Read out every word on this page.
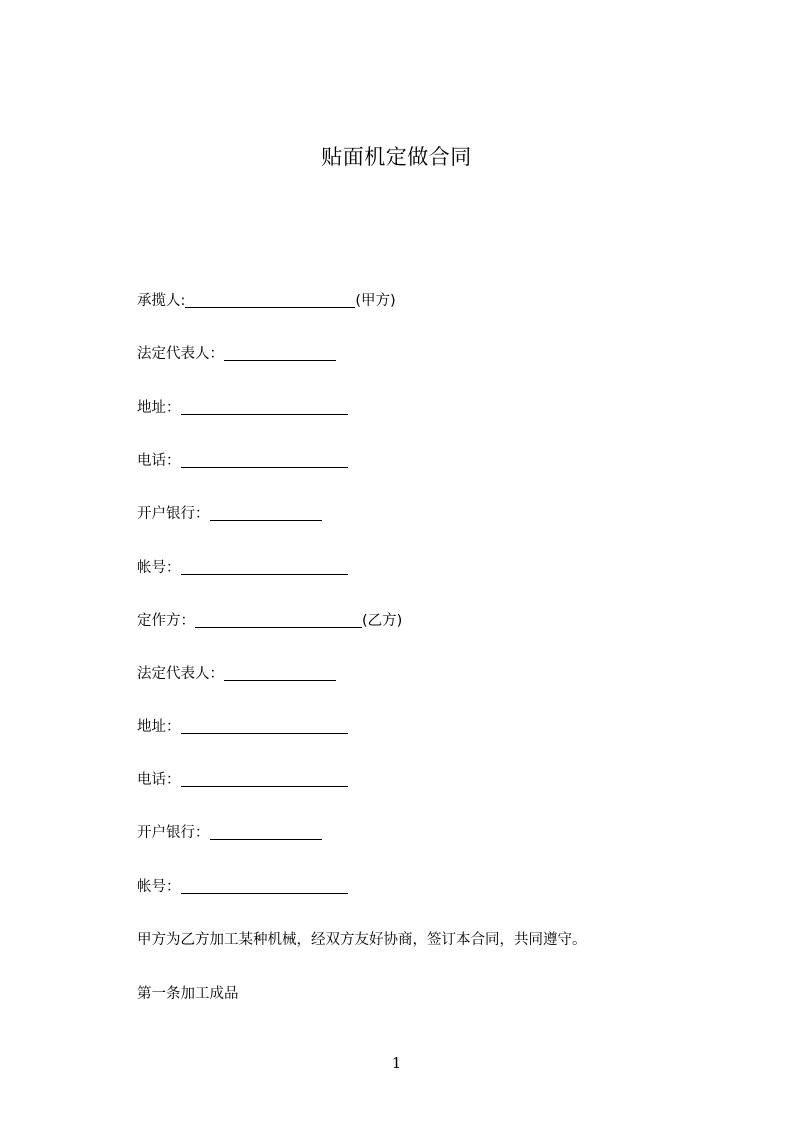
贴面机定做合同
承揽人:	(甲方)
法定代表人：
地址：
电话：
开户银行：
帐号：
定作方：	(乙方)
法定代表人：
地址：
电话：
开户银行：
帐号：
甲方为乙方加工某种机械，经双方友好协商，签订本合同，共同遵守。
第一条加工成品
1
